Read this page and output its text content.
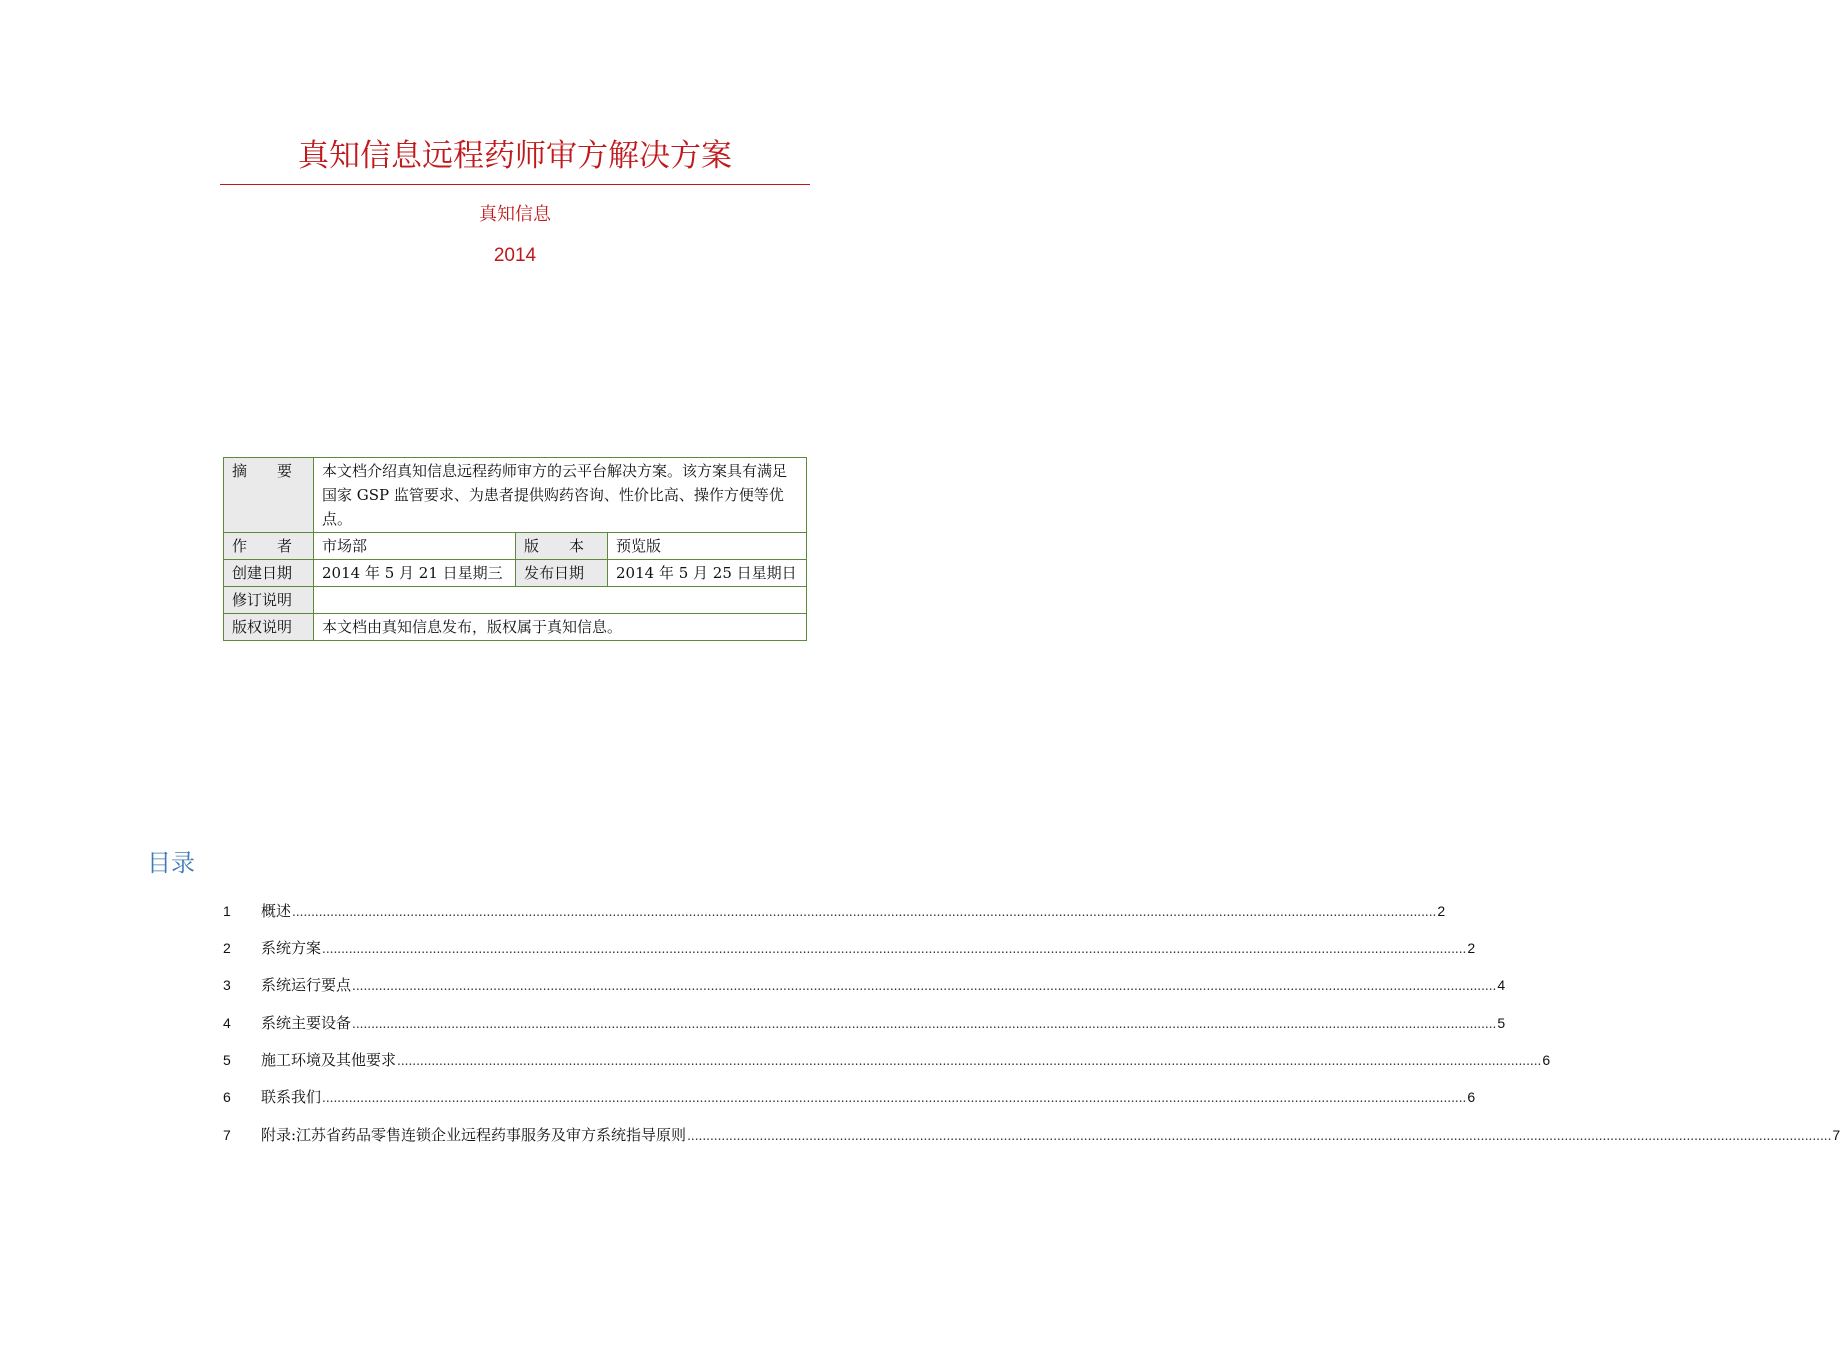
真知信息远程药师审方解决方案
真知信息
2014
摘　　要	本文档介绍真知信息远程药师审方的云平台解决方案。该方案具有满足国家 GSP 监管要求、为患者提供购药咨询、性价比高、操作方便等优点。		
作　　者	市场部	版　　本	预览版
创建日期	2014 年 5 月 21 日星期三	发布日期	2014 年 5 月 25 日星期日
修订说明			
版权说明	本文档由真知信息发布，版权属于真知信息。		
目录
1 概述 ............................................................................................................................................................................................................................................................................................................ 2
2 系统方案 ............................................................................................................................................................................................................................................................................................................ 2
3 系统运行要点 ............................................................................................................................................................................................................................................................................................................ 4
4 系统主要设备 ............................................................................................................................................................................................................................................................................................................ 5
5 施工环境及其他要求 ............................................................................................................................................................................................................................................................................................................ 6
6 联系我们 ............................................................................................................................................................................................................................................................................................................ 6
7 附录:江苏省药品零售连锁企业远程药事服务及审方系统指导原则 ............................................................................................................................................................................................................................................................................................................ 7
